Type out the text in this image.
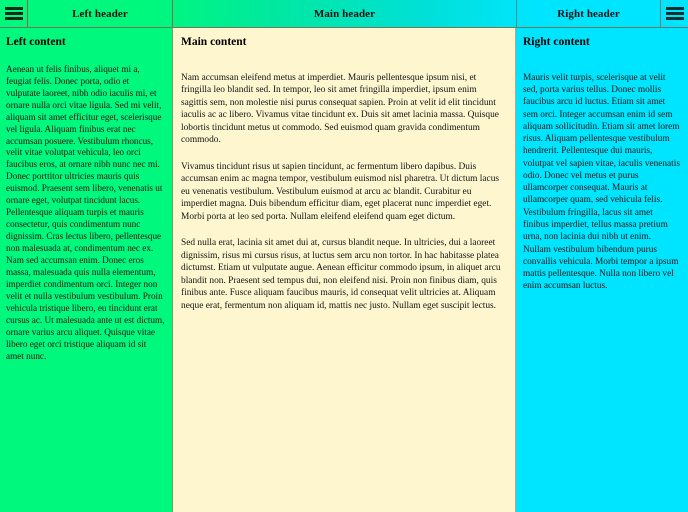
Left header	Main header	Right header
Left content

Aenean ut felis finibus, aliquet mi a, feugiat felis. Donec porta, odio et vulputate laoreet, nibh odio iaculis mi, et ornare nulla orci vitae ligula. Sed mi velit, aliquam sit amet efficitur eget, scelerisque vel ligula. Aliquam finibus erat nec accumsan posuere. Vestibulum rhoncus, velit vitae volutpat vehicula, leo orci faucibus eros, at ornare nibh nunc nec mi. Donec porttitor ultricies mauris quis euismod. Praesent sem libero, venenatis ut ornare eget, volutpat tincidunt lacus. Pellentesque aliquam turpis et mauris consectetur, quis condimentum nunc dignissim. Cras lectus libero, pellentesque non malesuada at, condimentum nec ex. Nam sed accumsan enim. Donec eros massa, malesuada quis nulla elementum, imperdiet condimentum orci. Integer non velit et nulla vestibulum vestibulum. Proin vehicula tristique libero, eu tincidunt erat cursus ac. Ut malesuada ante ut est dictum, ornare varius arcu aliquet. Quisque vitae libero eget orci tristique aliquam id sit amet nunc.

Main content

Nam accumsan eleifend metus at imperdiet. Mauris pellentesque ipsum nisi, et fringilla leo blandit sed. In tempor, leo sit amet fringilla imperdiet, ipsum enim sagittis sem, non molestie nisi purus consequat sapien. Proin at velit id elit tincidunt iaculis ac ac libero. Vivamus vitae tincidunt ex. Duis sit amet lacinia massa. Quisque lobortis tincidunt metus ut commodo. Sed euismod quam gravida condimentum commodo.

Vivamus tincidunt risus ut sapien tincidunt, ac fermentum libero dapibus. Duis accumsan enim ac magna tempor, vestibulum euismod nisl pharetra. Ut dictum lacus eu venenatis vestibulum. Vestibulum euismod at arcu ac blandit. Curabitur eu imperdiet magna. Duis bibendum efficitur diam, eget placerat nunc imperdiet eget. Morbi porta at leo sed porta. Nullam eleifend eleifend quam eget dictum.

Sed nulla erat, lacinia sit amet dui at, cursus blandit neque. In ultricies, dui a laoreet dignissim, risus mi cursus risus, at luctus sem arcu non tortor. In hac habitasse platea dictumst. Etiam ut vulputate augue. Aenean efficitur commodo ipsum, in aliquet arcu blandit non. Praesent sed tempus dui, non eleifend nisi. Proin non finibus diam, quis finibus ante. Fusce aliquam faucibus mauris, id consequat velit ultricies at. Aliquam neque erat, fermentum non aliquam id, mattis nec justo. Nullam eget suscipit lectus.

Right content

Mauris velit turpis, scelerisque at velit sed, porta varius tellus. Donec mollis faucibus arcu id luctus. Etiam sit amet sem orci. Integer accumsan enim id sem aliquam sollicitudin. Etiam sit amet lorem risus. Aliquam pellentesque vestibulum hendrerit. Pellentesque dui mauris, volutpat vel sapien vitae, iaculis venenatis odio. Donec vel metus et purus ullamcorper consequat. Mauris at ullamcorper quam, sed vehicula felis. Vestibulum fringilla, lacus sit amet finibus imperdiet, tellus massa pretium urna, non lacinia dui nibh ut enim. Nullam vestibulum bibendum purus convallis vehicula. Morbi tempor a ipsum mattis pellentesque. Nulla non libero vel enim accumsan luctus.
